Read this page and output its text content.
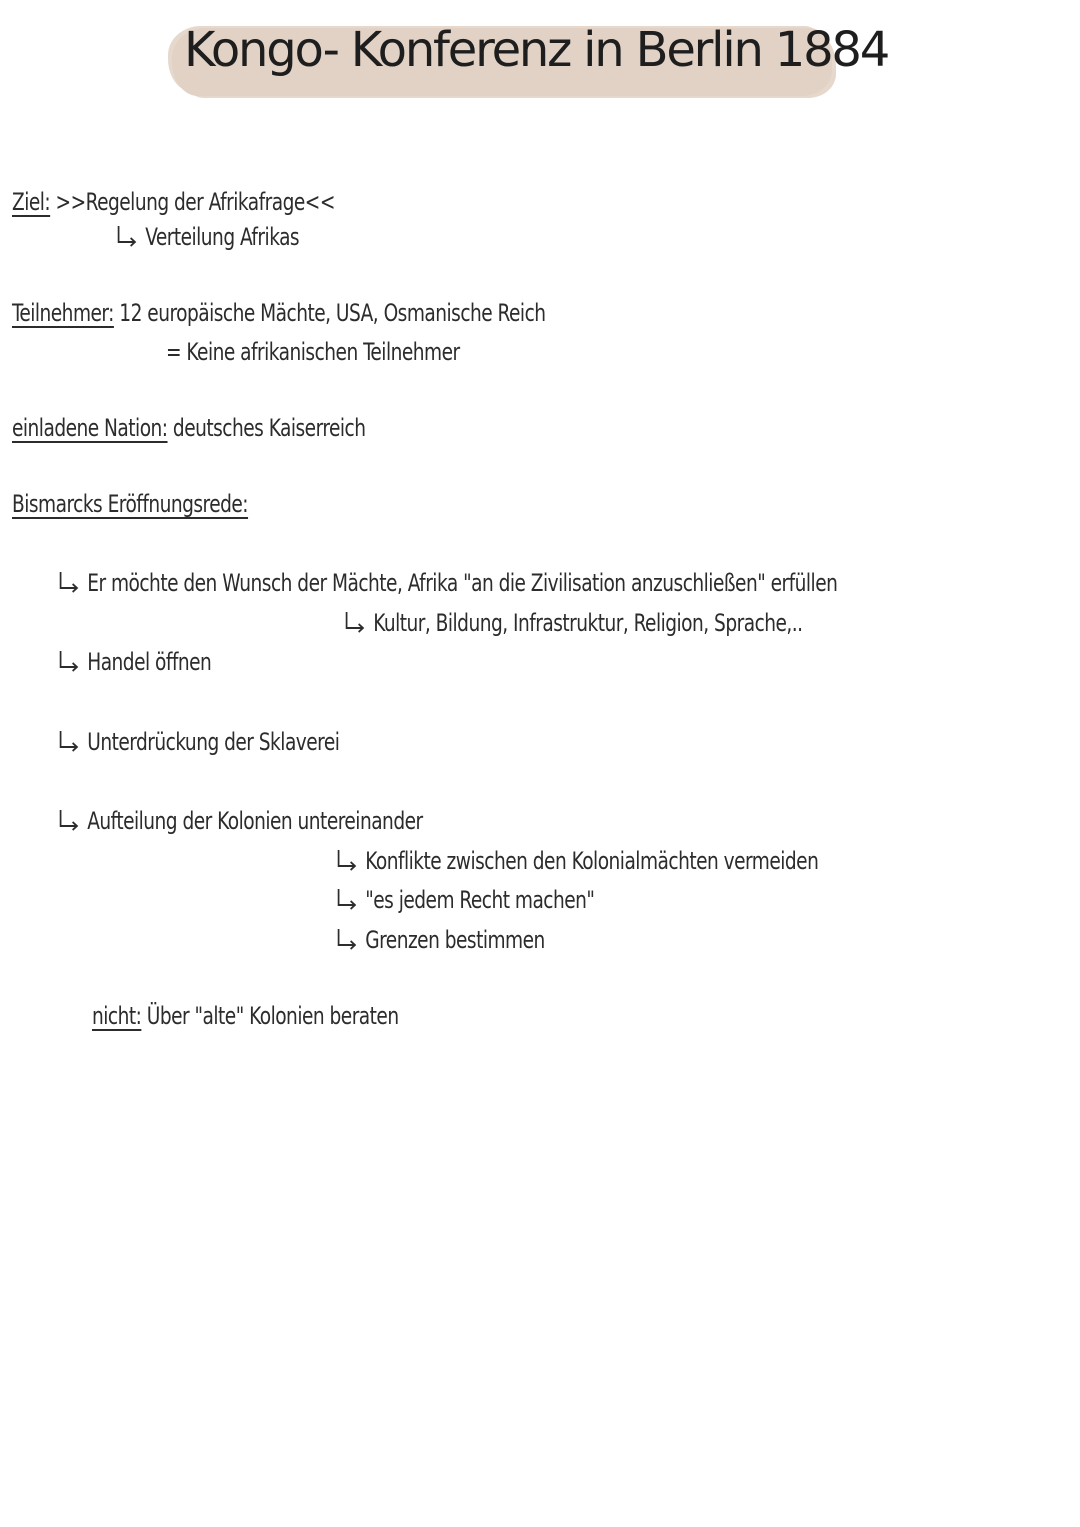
Kongo- Konferenz in Berlin 1884
Ziel: >>Regelung der Afrikafrage<<
Verteilung Afrikas
Teilnehmer: 12 europäische Mächte, USA, Osmanische Reich
= Keine afrikanischen Teilnehmer
einladene Nation: deutsches Kaiserreich
Bismarcks Eröffnungsrede:
Er möchte den Wunsch der Mächte, Afrika "an die Zivilisation anzuschließen" erfüllen
Kultur, Bildung, Infrastruktur, Religion, Sprache,..
Handel öffnen
Unterdrückung der Sklaverei
Aufteilung der Kolonien untereinander
Konflikte zwischen den Kolonialmächten vermeiden
"es jedem Recht machen"
Grenzen bestimmen
nicht: Über "alte" Kolonien beraten
